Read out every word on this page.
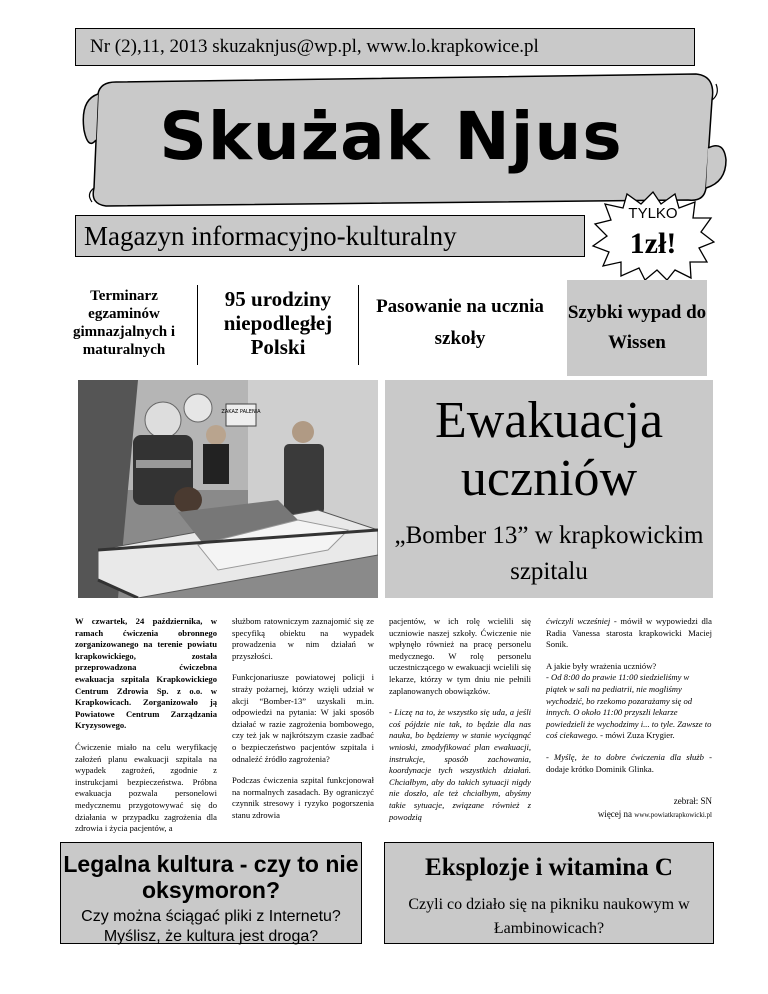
Nr (2),11, 2013 skuzaknjus@wp.pl, www.lo.krapkowice.pl
Skużak Njus
Magazyn informacyjno-kulturalny
TYLKO
1zł!
Terminarz egzaminów gimnazjalnych i maturalnych
95 urodziny niepodległej Polski
Pasowanie na ucznia szkoły
Szybki wypad do Wissen
ZAKAZ PALENIA	Ewakuacja uczniów
„Bomber 13” w krapkowickim szpitalu

W czwartek, 24 października, w ramach ćwiczenia obronnego zorganizowanego na terenie powiatu krapkowickiego, została przeprowadzona ćwiczebna ewakuacja szpitala Krapkowickiego Centrum Zdrowia Sp. z o.o. w Krapkowicach. Zorganizowało ją Powiatowe Centrum Zarządzania Kryzysowego.

Ćwiczenie miało na celu weryfikację założeń planu ewakuacji szpitala na wypadek zagrożeń, zgodnie z instrukcjami bezpieczeństwa. Próbna ewakuacja pozwala personelowi medycznemu przygotowywać się do działania w przypadku zagrożenia dla zdrowia i życia pacjentów, a

służbom ratowniczym zaznajomić się ze specyfiką obiektu na wypadek prowadzenia w nim działań w przyszłości.

Funkcjonariusze powiatowej policji i straży pożarnej, którzy wzięli udział w akcji “Bomber-13” uzyskali m.in. odpowiedzi na pytania: W jaki sposób działać w razie zagrożenia bombowego, czy też jak w najkrótszym czasie zadbać o bezpieczeństwo pacjentów szpitala i odnaleźć źródło zagrożenia?

Podczas ćwiczenia szpital funkcjonował na normalnych zasadach. By ograniczyć czynnik stresowy i ryzyko pogorszenia stanu zdrowia

pacjentów, w ich rolę wcielili się uczniowie naszej szkoły. Ćwiczenie nie wpłynęło również na pracę personelu medycznego. W rolę personelu uczestniczącego w ewakuacji wcielili się lekarze, którzy w tym dniu nie pełnili zaplanowanych obowiązków.

- Liczę na to, że wszystko się uda, a jeśli coś pójdzie nie tak, to będzie dla nas nauka, bo będziemy w stanie wyciągnąć wnioski, zmodyfikować plan ewakuacji, instrukcje, sposób zachowania, koordynacje tych wszystkich działań. Chciałbym, aby do takich sytuacji nigdy nie doszło, ale też chciałbym, abyśmy takie sytuacje, związane również z powodzią

ćwiczyli wcześniej - mówił w wypowiedzi dla Radia Vanessa starosta krapkowicki Maciej Sonik.

A jakie były wrażenia uczniów?
- Od 8:00 do prawie 11:00 siedzieliśmy w piątek w sali na pediatrii, nie mogliśmy wychodzić, bo rzekomo pozarażamy się od innych. O około 11:00 przyszli lekarze powiedzieli że wychodzimy i... to tyle. Zawsze to coś ciekawego. - mówi Zuza Krygier.

- Myślę, że to dobre ćwiczenia dla służb - dodaje krótko Dominik Glinka.

zebrał: SN
więcej na www.powiatkrapkowicki.pl
Legalna kultura - czy to nie oksymoron?
Czy można ściągać pliki z Internetu? Myślisz, że kultura jest droga?
Eksplozje i witamina C
Czyli co działo się na pikniku naukowym w Łambinowicach?
